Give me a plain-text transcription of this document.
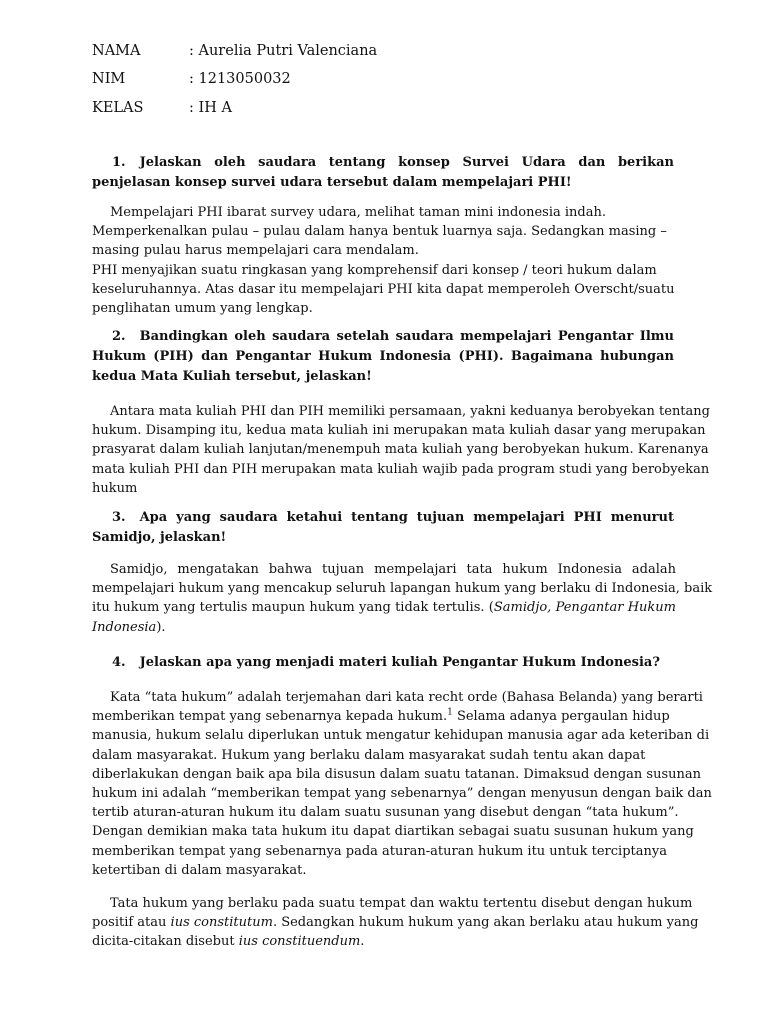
NAMA	: Aurelia Putri Valenciana
NIM	: 1213050032
KELAS	: IH A
1. Jelaskan oleh saudara tentang konsep Survei Udara dan berikan penjelasan konsep survei udara tersebut dalam mempelajari PHI!
Mempelajari PHI ibarat survey udara, melihat taman mini indonesia indah.
Memperkenalkan pulau – pulau dalam hanya bentuk luarnya saja. Sedangkan masing –
masing pulau harus mempelajari cara mendalam.
PHI menyajikan suatu ringkasan yang komprehensif dari konsep / teori hukum dalam
keseluruhannya. Atas dasar itu mempelajari PHI kita dapat memperoleh Overscht/suatu
penglihatan umum yang lengkap.
2. Bandingkan oleh saudara setelah saudara mempelajari Pengantar Ilmu Hukum (PIH) dan Pengantar Hukum Indonesia (PHI). Bagaimana hubungan kedua Mata Kuliah tersebut, jelaskan!
Antara mata kuliah PHI dan PIH memiliki persamaan, yakni keduanya berobyekan tentang
hukum. Disamping itu, kedua mata kuliah ini merupakan mata kuliah dasar yang merupakan
prasyarat dalam kuliah lanjutan/menempuh mata kuliah yang berobyekan hukum. Karenanya
mata kuliah PHI dan PIH merupakan mata kuliah wajib pada program studi yang berobyekan
hukum
3. Apa yang saudara ketahui tentang tujuan mempelajari PHI menurut Samidjo, jelaskan!
Samidjo, mengatakan bahwa tujuan mempelajari tata hukum Indonesia adalah
mempelajari hukum yang mencakup seluruh lapangan hukum yang berlaku di Indonesia, baik
itu hukum yang tertulis maupun hukum yang tidak tertulis. (Samidjo, Pengantar Hukum
Indonesia).
4. Jelaskan apa yang menjadi materi kuliah Pengantar Hukum Indonesia?
Kata “tata hukum” adalah terjemahan dari kata recht orde (Bahasa Belanda) yang berarti
memberikan tempat yang sebenarnya kepada hukum.$^1$ Selama adanya pergaulan hidup
manusia, hukum selalu diperlukan untuk mengatur kehidupan manusia agar ada keteriban di
dalam masyarakat. Hukum yang berlaku dalam masyarakat sudah tentu akan dapat
diberlakukan dengan baik apa bila disusun dalam suatu tatanan. Dimaksud dengan susunan
hukum ini adalah “memberikan tempat yang sebenarnya” dengan menyusun dengan baik dan
tertib aturan-aturan hukum itu dalam suatu susunan yang disebut dengan “tata hukum”.
Dengan demikian maka tata hukum itu dapat diartikan sebagai suatu susunan hukum yang
memberikan tempat yang sebenarnya pada aturan-aturan hukum itu untuk terciptanya
ketertiban di dalam masyarakat.
Tata hukum yang berlaku pada suatu tempat dan waktu tertentu disebut dengan hukum
positif atau ius constitutum. Sedangkan hukum hukum yang akan berlaku atau hukum yang
dicita-citakan disebut ius constituendum.
